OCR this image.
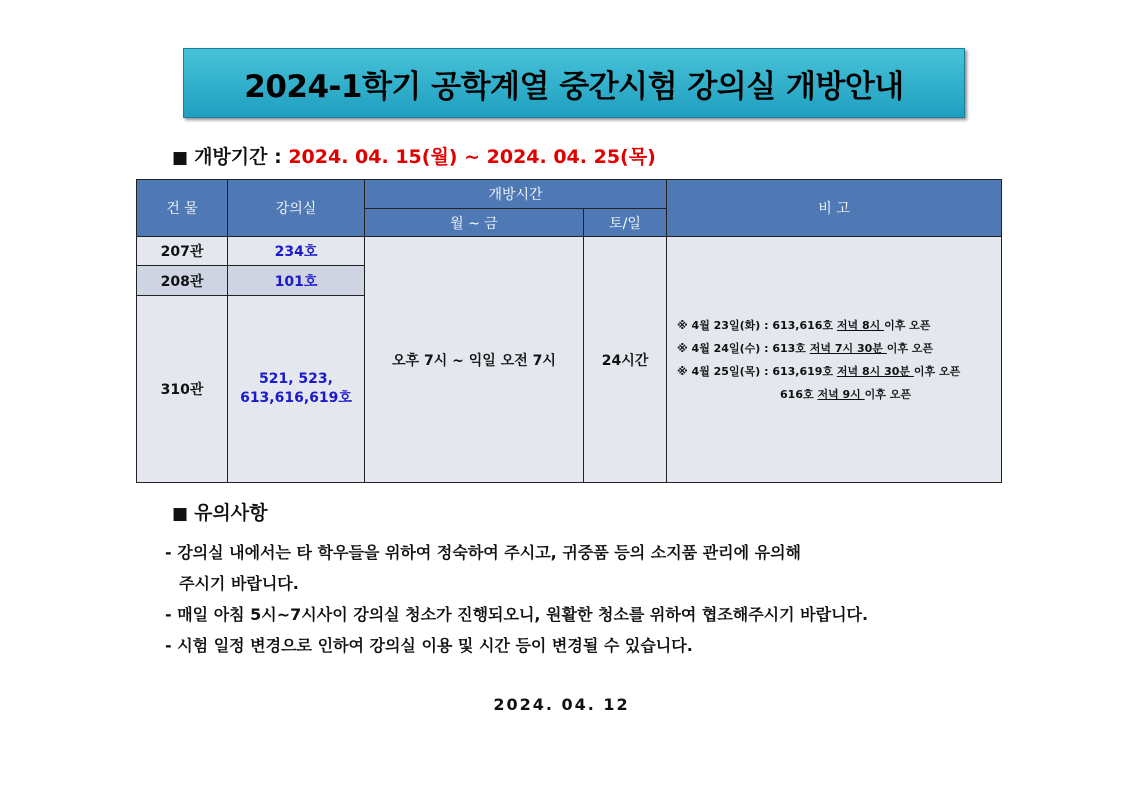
2024-1학기 공학계열 중간시험 강의실 개방안내
■ 개방기간 : 2024. 04. 15(월) ~ 2024. 04. 25(목)
건 물	강의실	개방시간		비 고
		월 ~ 금	토/일	
207관	234호	오후 7시 ~ 익일 오전 7시	24시간	※ 4월 23일(화) : 613,616호 저녁 8시 이후 오픈
※ 4월 24일(수) : 613호 저녁 7시 30분 이후 오픈
※ 4월 25일(목) : 613,619호 저녁 8시 30분 이후 오픈
616호 저녁 9시 이후 오픈

208관	101호			
310관	521, 523,
613,616,619호			
■ 유의사항
- 강의실 내에서는 타 학우들을 위하여 정숙하여 주시고, 귀중품 등의 소지품 관리에 유의해
주시기 바랍니다.
- 매일 아침 5시~7시사이 강의실 청소가 진행되오니, 원활한 청소를 위하여 협조해주시기 바랍니다.
- 시험 일정 변경으로 인하여 강의실 이용 및 시간 등이 변경될 수 있습니다.
2024. 04. 12
